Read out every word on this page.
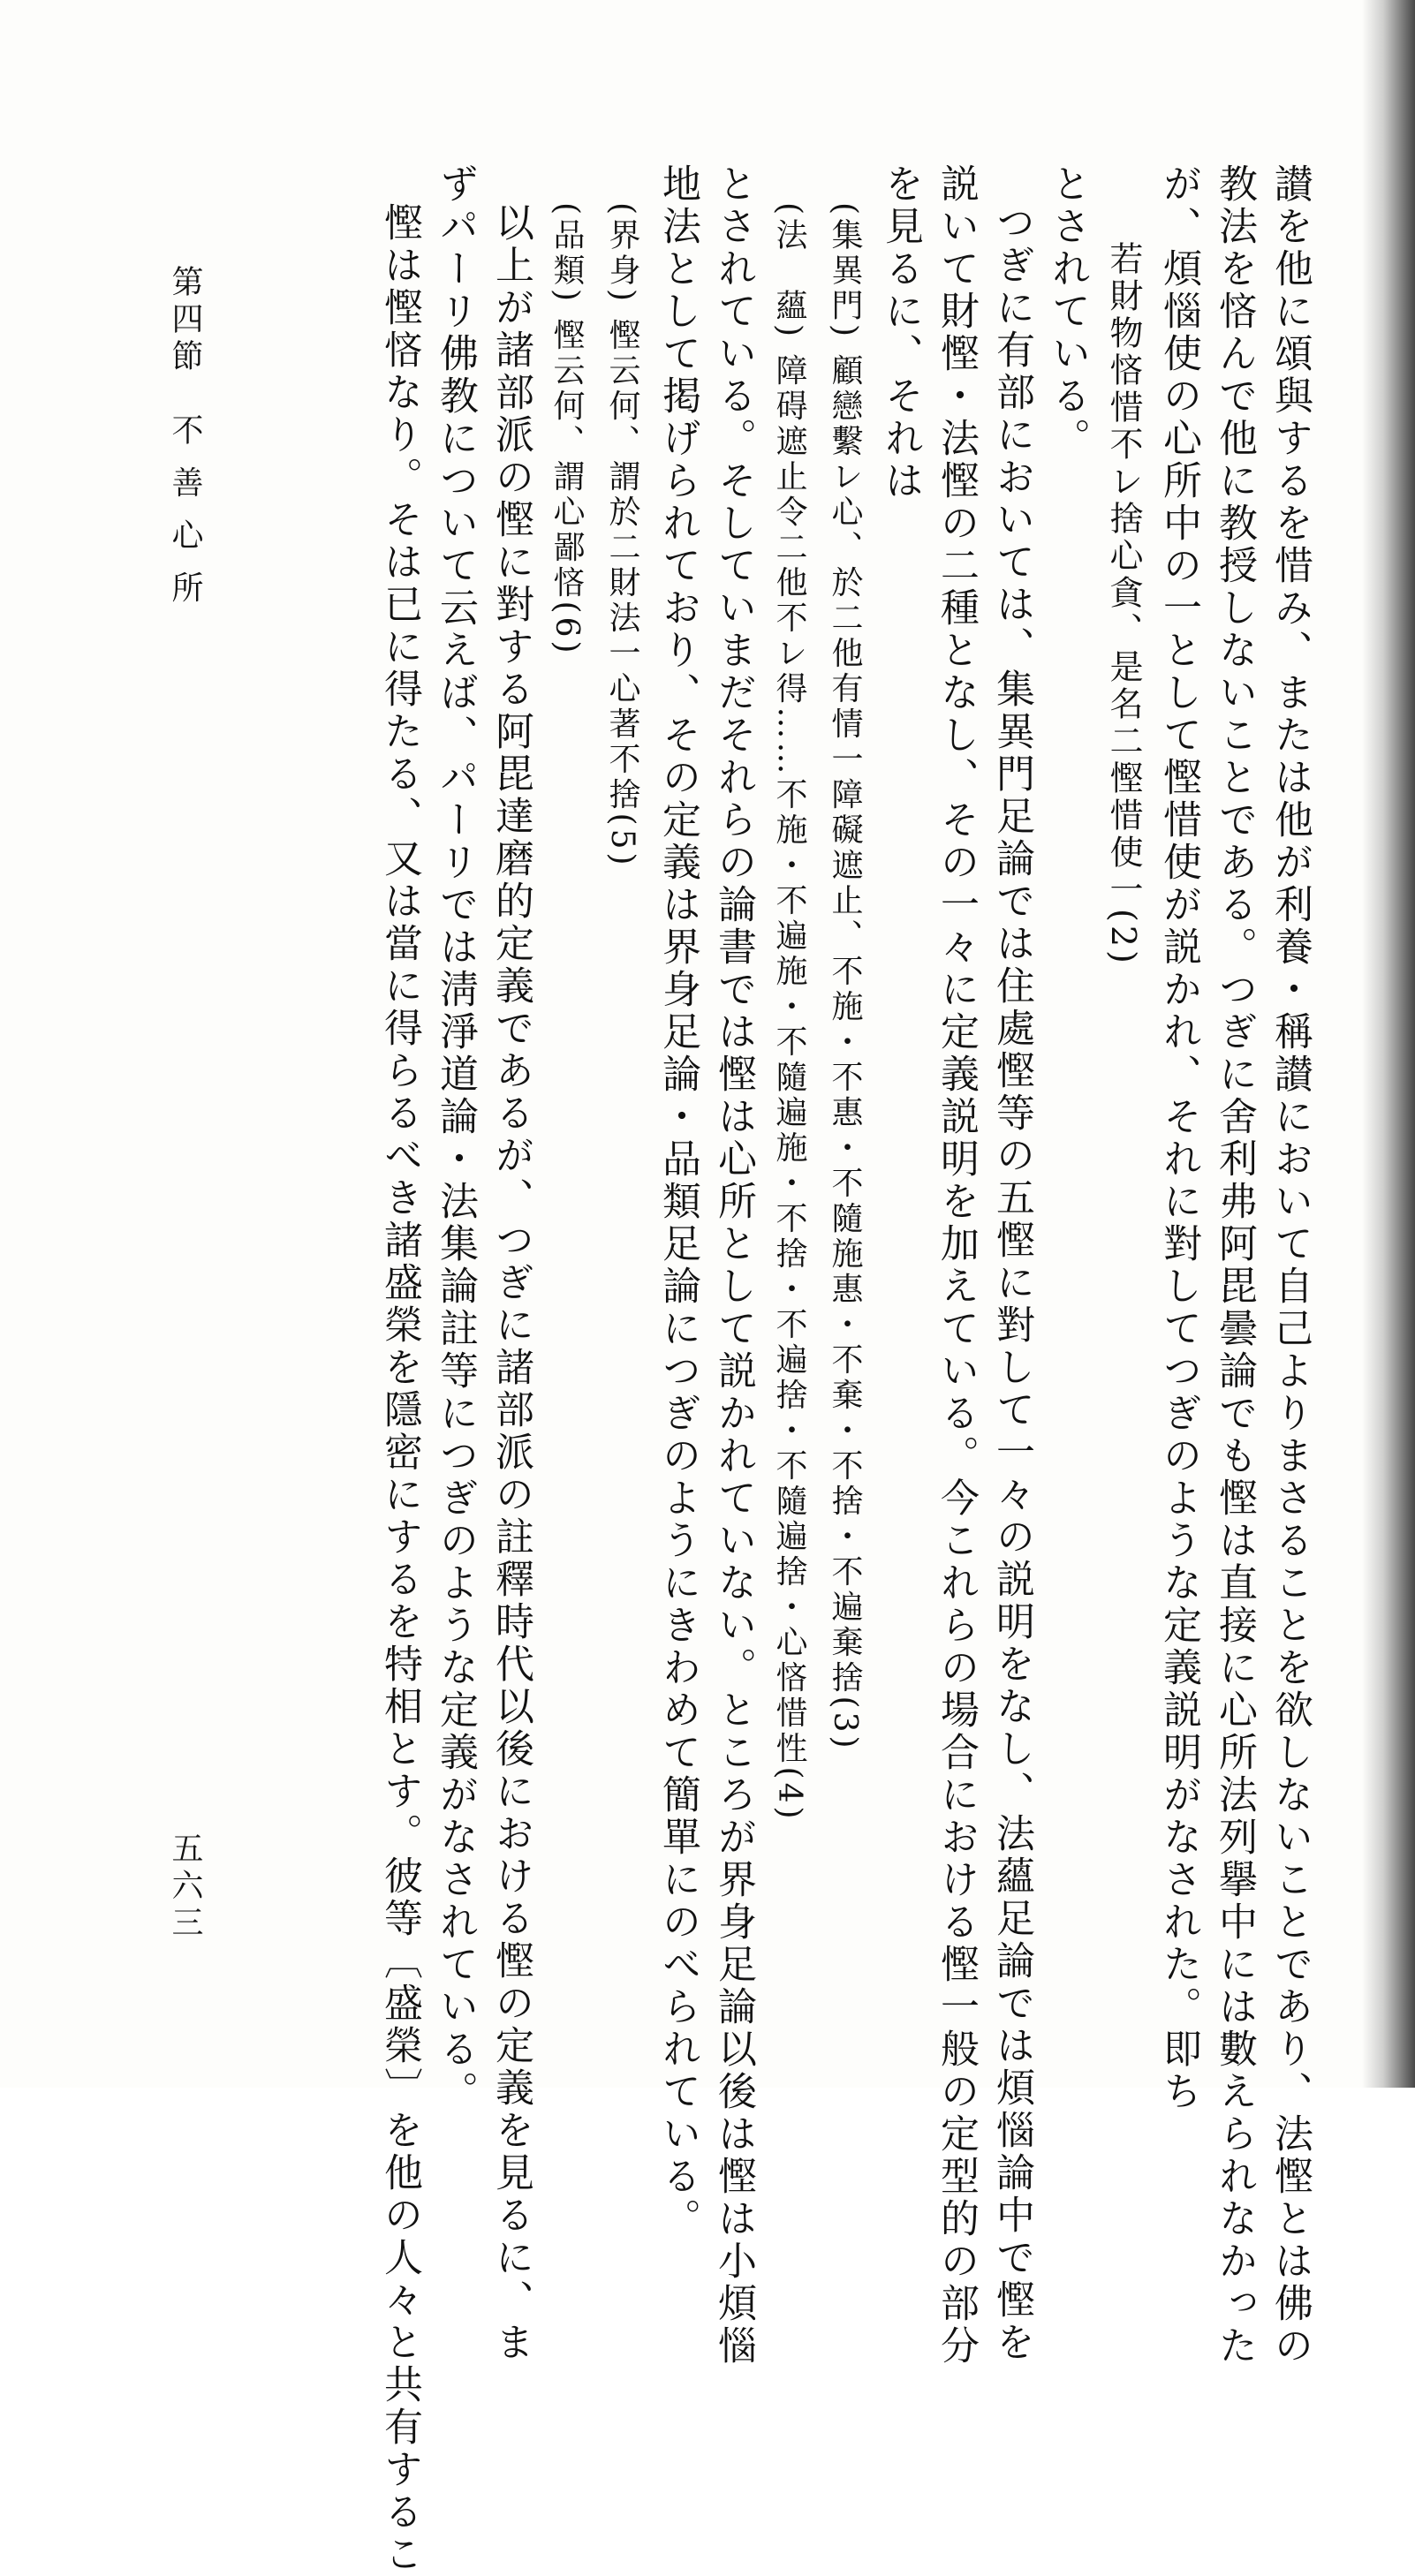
讃を他に頌與するを惜み、または他が利養・稱讃において自己よりまさることを欲しないことであり、法慳とは佛の
教法を悋んで他に教授しないことである。つぎに舍利弗阿毘曇論でも慳は直接に心所法列擧中には數えられなかった
が、煩惱使の心所中の一として慳惜使が説かれ、それに對してつぎのような定義説明がなされた。即ち
若財物悋惜不レ捨心貪、是名二慳惜使一(2)
とされている。
つぎに有部においては、集異門足論では住處慳等の五慳に對して一々の説明をなし、法蘊足論では煩惱論中で慳を
説いて財慳・法慳の二種となし、その一々に定義説明を加えている。今これらの場合における慳一般の定型的の部分
を見るに、それは
(集異門) 顧戀繫レ心、於二他有情一障礙遮止、不施・不惠・不隨施惠・不棄・不捨・不遍棄捨(3)
(法　蘊) 障碍遮止令二他不レ得……不施・不遍施・不隨遍施・不捨・不遍捨・不隨遍捨・心悋惜性(4)
とされている。そしていまだそれらの論書では慳は心所として説かれていない。ところが界身足論以後は慳は小煩惱
地法として掲げられており、その定義は界身足論・品類足論につぎのようにきわめて簡單にのべられている。
(界身) 慳云何、謂於二財法一心著不捨(5)
(品類) 慳云何、謂心鄙悋(6)
以上が諸部派の慳に對する阿毘達磨的定義であるが、つぎに諸部派の註釋時代以後における慳の定義を見るに、ま
ずパーリ佛教について云えば、パーリでは淸淨道論・法集論註等につぎのような定義がなされている。
慳は慳悋なり。そは已に得たる、又は當に得らるべき諸盛榮を隱密にするを特相とす。彼等〔盛榮〕を他の人々と共有するこ
第四節　不 善 心 所
五六三
